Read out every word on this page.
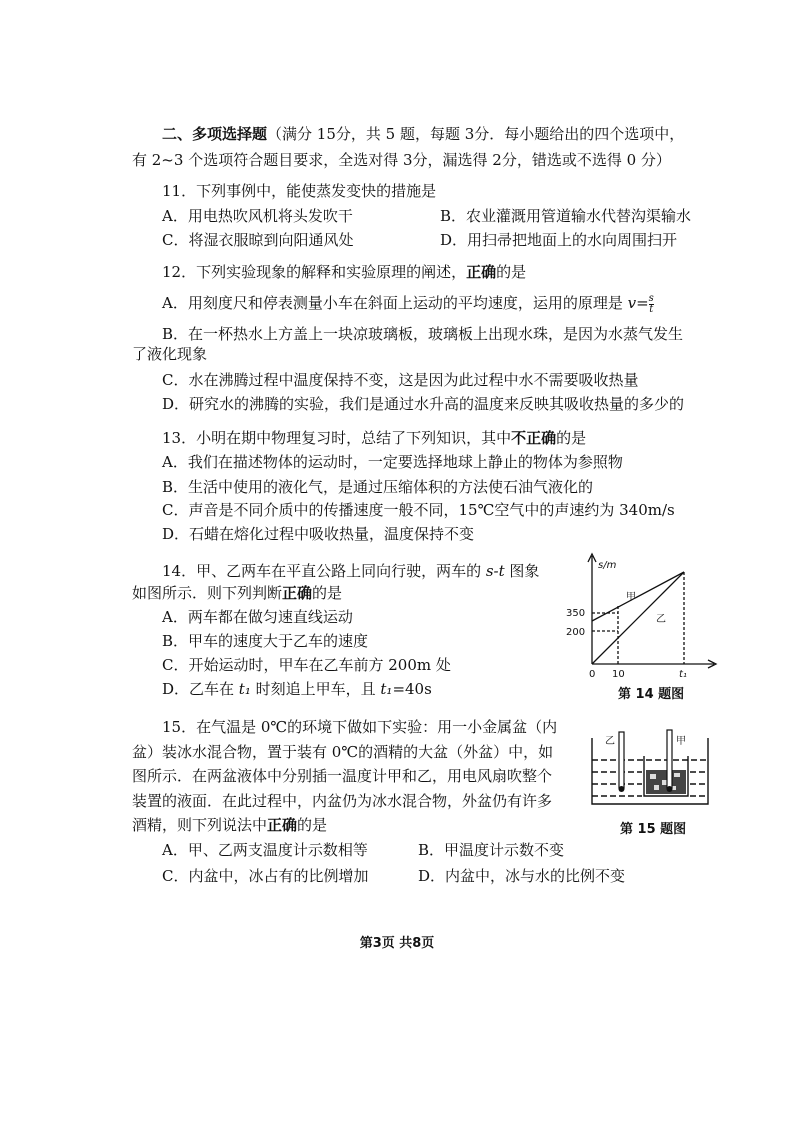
二、多项选择题（满分 15分，共 5 题，每题 3分．每小题给出的四个选项中，
有 2~3 个选项符合题目要求，全选对得 3分，漏选得 2分，错选或不选得 0 分）
11．下列事例中，能使蒸发变快的措施是
A．用电热吹风机将头发吹干	B．农业灌溉用管道输水代替沟渠输水
C．将湿衣服晾到向阳通风处	D．用扫帚把地面上的水向周围扫开
12．下列实验现象的解释和实验原理的阐述，正确的是
A．用刻度尺和停表测量小车在斜面上运动的平均速度，运用的原理是 $v= \frac{s}{t}$
B．在一杯热水上方盖上一块凉玻璃板，玻璃板上出现水珠，是因为水蒸气发生
了液化现象
C．水在沸腾过程中温度保持不变，这是因为此过程中水不需要吸收热量
D．研究水的沸腾的实验，我们是通过水升高的温度来反映其吸收热量的多少的
13．小明在期中物理复习时，总结了下列知识，其中不正确的是
A．我们在描述物体的运动时，一定要选择地球上静止的物体为参照物
B．生活中使用的液化气，是通过压缩体积的方法使石油气液化的
C．声音是不同介质中的传播速度一般不同，15℃空气中的声速约为 340m/s
D．石蜡在熔化过程中吸收热量，温度保持不变
14．甲、乙两车在平直公路上同向行驶，两车的 s-t 图象
如图所示．则下列判断正确的是
A．两车都在做匀速直线运动
B．甲车的速度大于乙车的速度
C．开始运动时，甲车在乙车前方 200m 处
D．乙车在 t₁ 时刻追上甲车，且 t₁=40s
s/m
350
200
0 10	t₁
甲
乙
第 14 题图
15．在气温是 0℃的环境下做如下实验：用一小金属盆（内
盆）装冰水混合物，置于装有 0℃的酒精的大盆（外盆）中，如
图所示．在两盆液体中分别插一温度计甲和乙，用电风扇吹整个
装置的液面．在此过程中，内盆仍为冰水混合物，外盆仍有许多
酒精，则下列说法中正确的是
A．甲、乙两支温度计示数相等	B．甲温度计示数不变
C．内盆中，冰占有的比例增加	D．内盆中，冰与水的比例不变
乙	甲
第 15 题图
第3页 共8页
